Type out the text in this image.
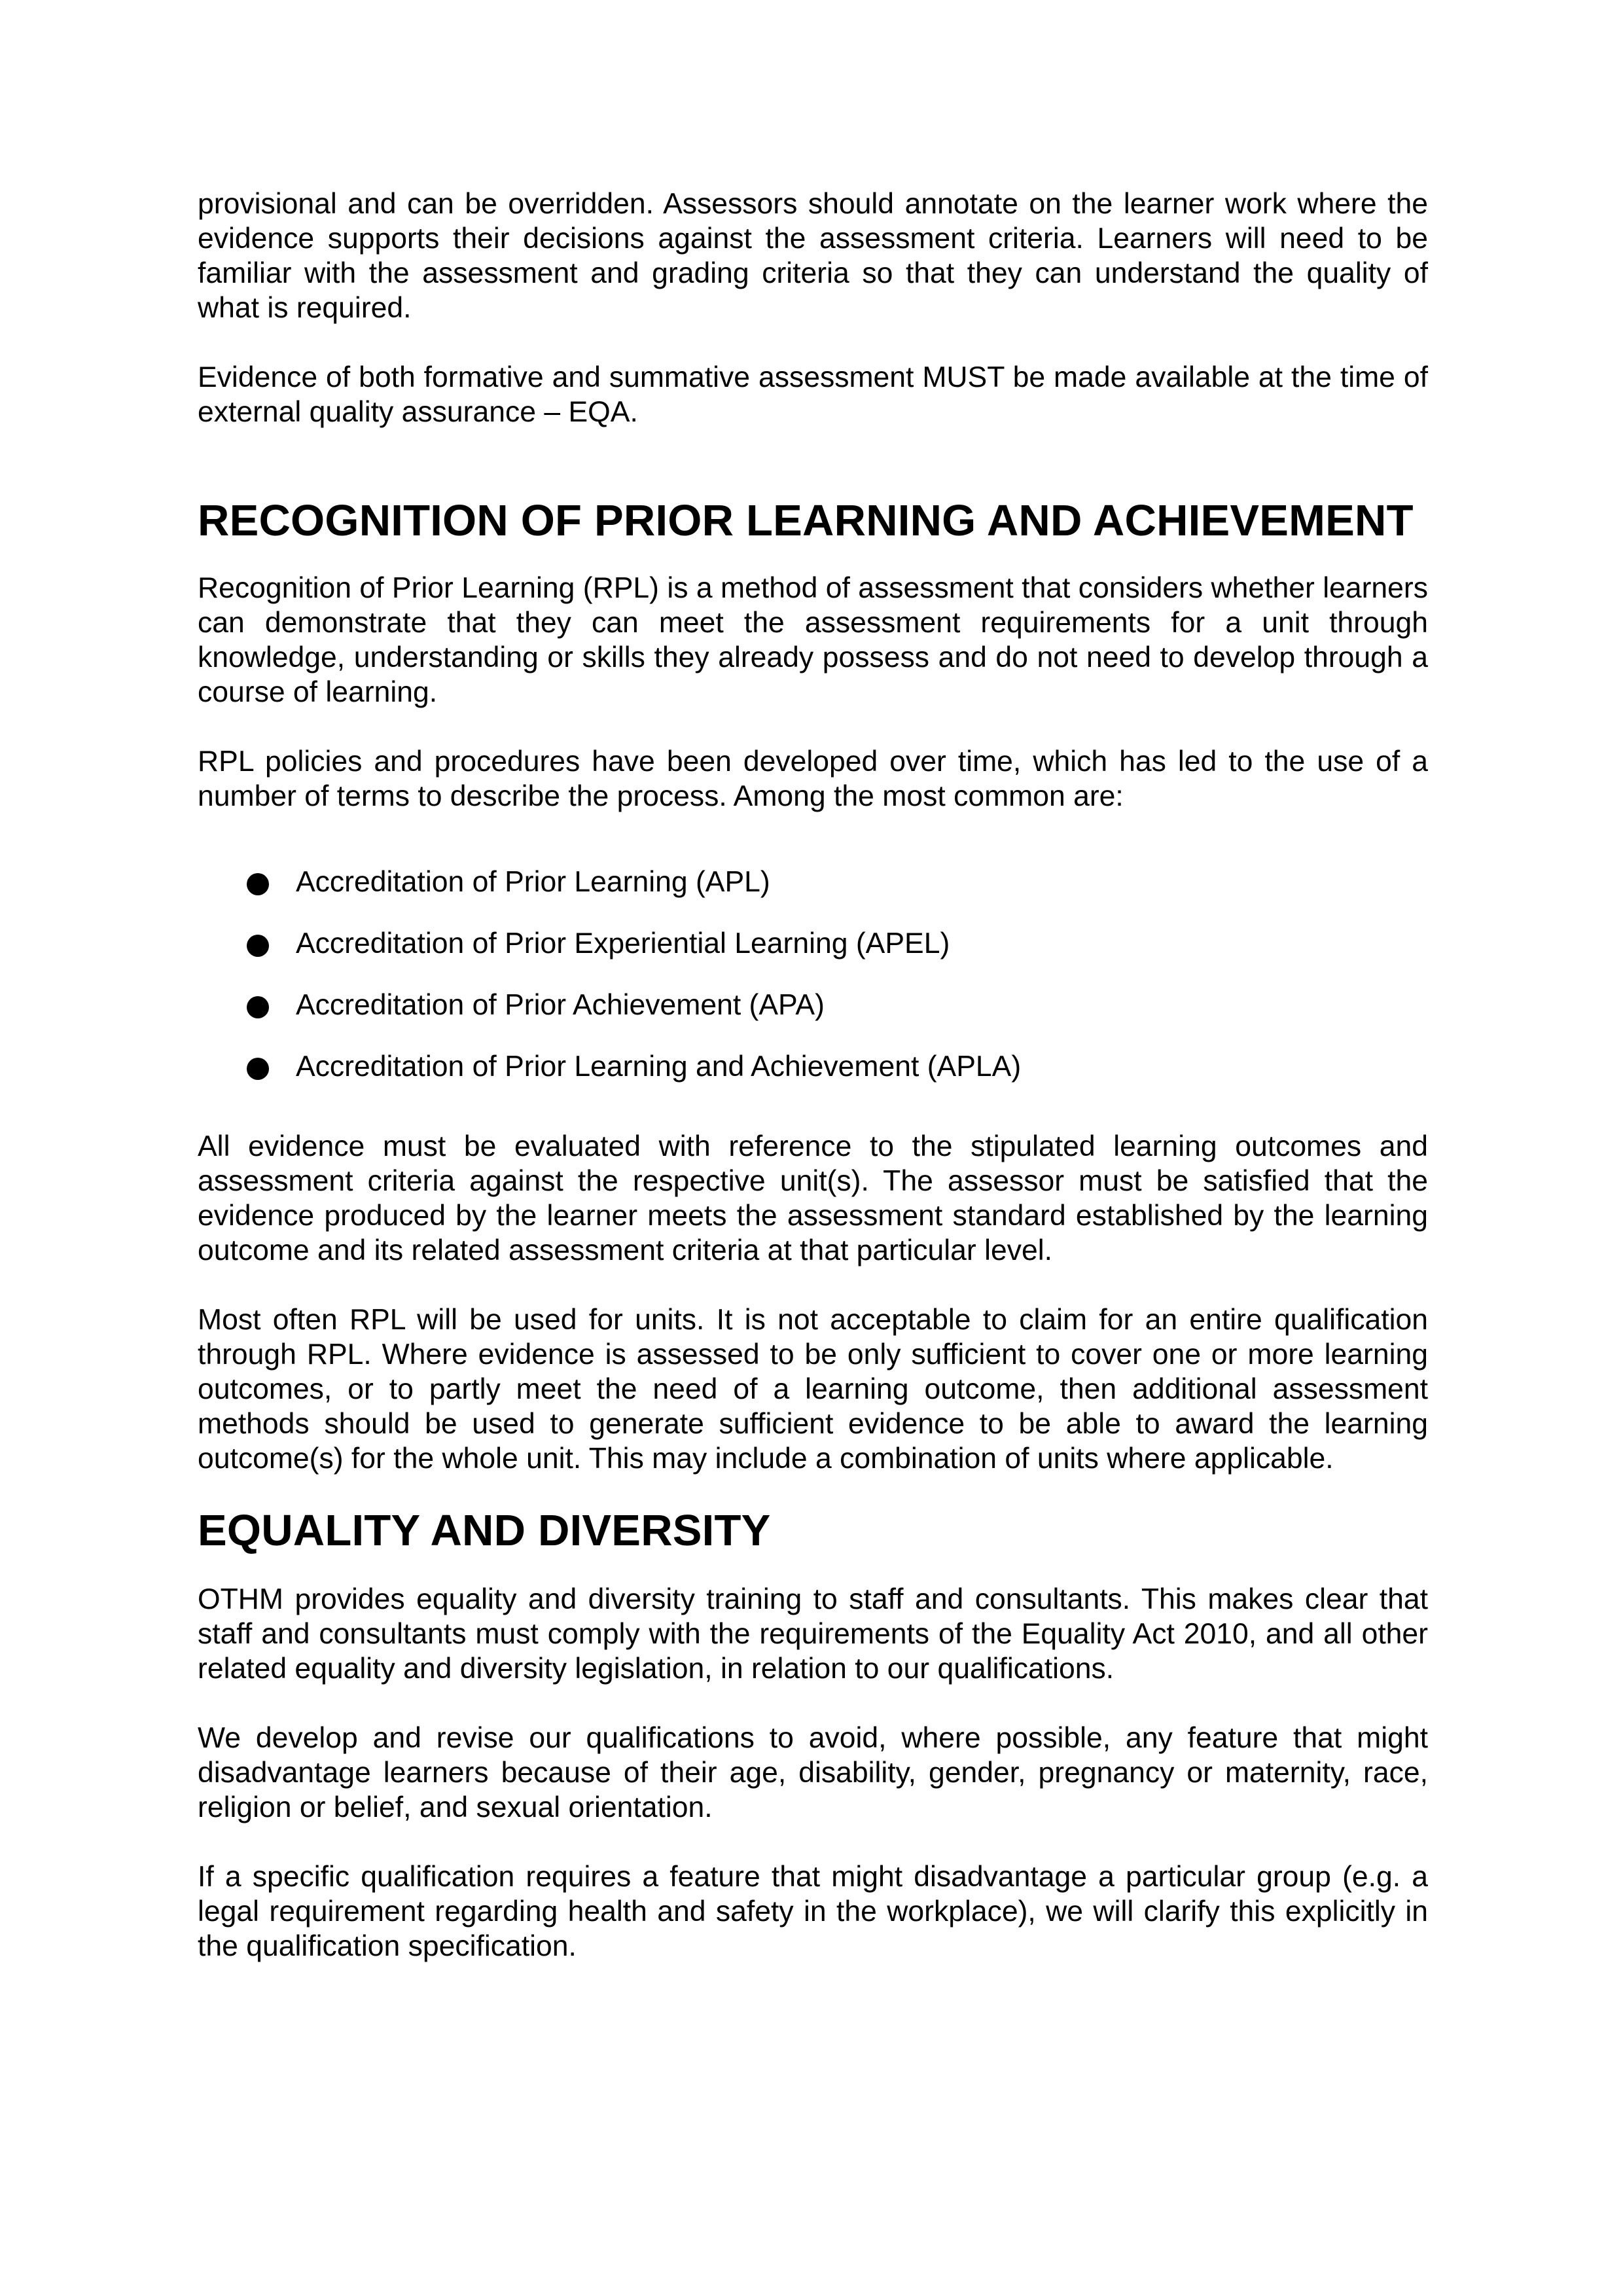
provisional and can be overridden. Assessors should annotate on the learner work where the evidence supports their decisions against the assessment criteria. Learners will need to be familiar with the assessment and grading criteria so that they can understand the quality of what is required.

Evidence of both formative and summative assessment MUST be made available at the time of external quality assurance – EQA.

RECOGNITION OF PRIOR LEARNING AND ACHIEVEMENT

Recognition of Prior Learning (RPL) is a method of assessment that considers whether learners can demonstrate that they can meet the assessment requirements for a unit through knowledge, understanding or skills they already possess and do not need to develop through a course of learning.

RPL policies and procedures have been developed over time, which has led to the use of a number of terms to describe the process. Among the most common are:

Accreditation of Prior Learning (APL)
Accreditation of Prior Experiential Learning (APEL)
Accreditation of Prior Achievement (APA)
Accreditation of Prior Learning and Achievement (APLA)

All evidence must be evaluated with reference to the stipulated learning outcomes and assessment criteria against the respective unit(s). The assessor must be satisfied that the evidence produced by the learner meets the assessment standard established by the learning outcome and its related assessment criteria at that particular level.

Most often RPL will be used for units. It is not acceptable to claim for an entire qualification through RPL. Where evidence is assessed to be only sufficient to cover one or more learning outcomes, or to partly meet the need of a learning outcome, then additional assessment methods should be used to generate sufficient evidence to be able to award the learning outcome(s) for the whole unit. This may include a combination of units where applicable.

EQUALITY AND DIVERSITY

OTHM provides equality and diversity training to staff and consultants. This makes clear that staff and consultants must comply with the requirements of the Equality Act 2010, and all other related equality and diversity legislation, in relation to our qualifications.

We develop and revise our qualifications to avoid, where possible, any feature that might disadvantage learners because of their age, disability, gender, pregnancy or maternity, race, religion or belief, and sexual orientation.

If a specific qualification requires a feature that might disadvantage a particular group (e.g. a legal requirement regarding health and safety in the workplace), we will clarify this explicitly in the qualification specification.
